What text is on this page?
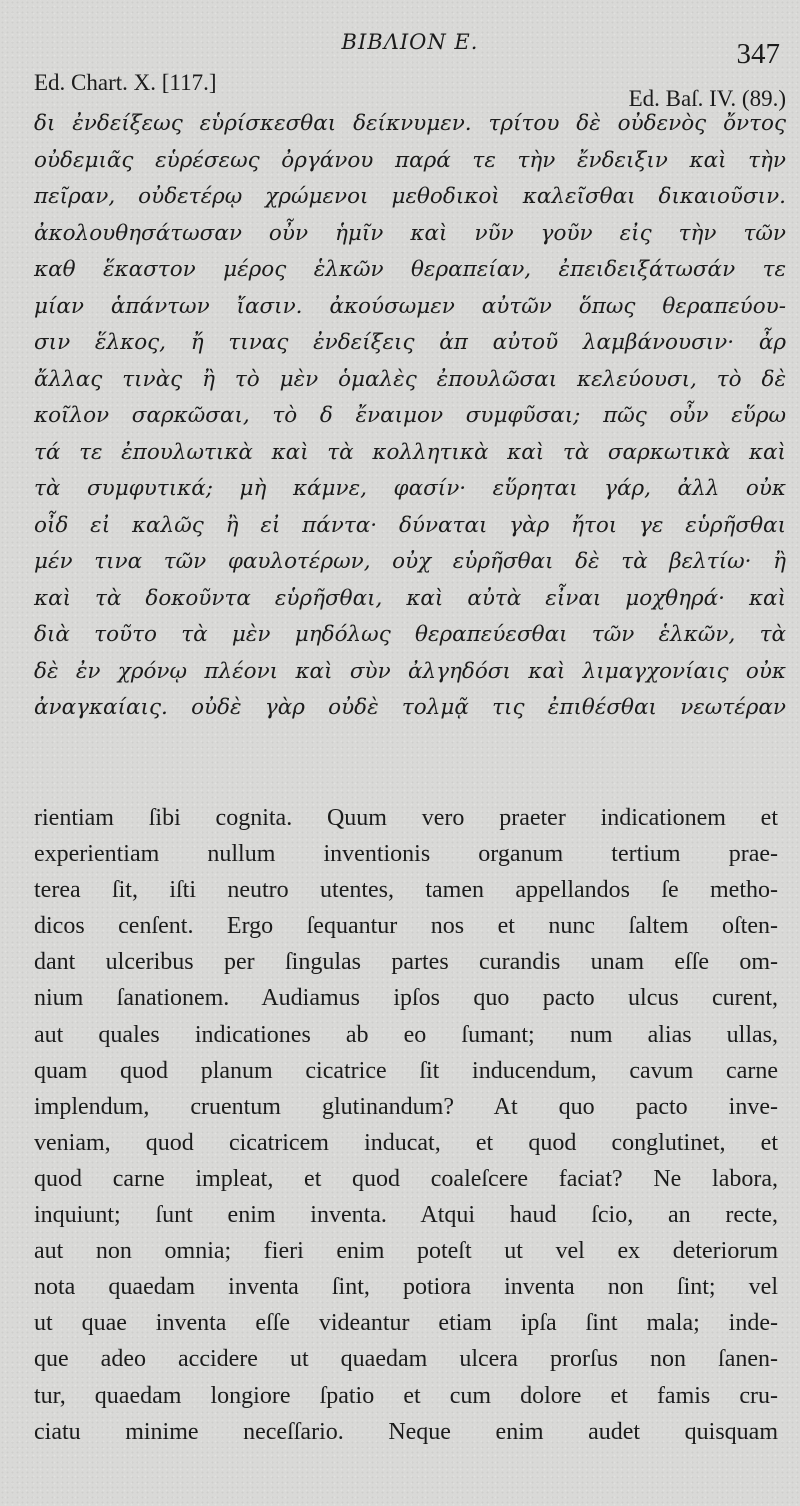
BIBΛΙΟΝ E.	347
Ed. Chart. X. [117.]
Ed. Baſ. IV. (89.)
δι ἐνδείξεως εὑρίσκεσθαι δείκνυμεν. τρίτου δὲ οὐδενὸς ὄντος
οὐδεμιᾶς εὑρέσεως ὀργάνου παρά τε τὴν ἔνδειξιν καὶ τὴν
πεῖραν, οὐδετέρῳ χρώμενοι μεθοδικοὶ καλεῖσθαι δικαιοῦσιν.
ἀκολουθησάτωσαν οὖν ἡμῖν καὶ νῦν γοῦν εἰς τὴν τῶν
καθ ἕκαστον μέρος ἑλκῶν θεραπείαν, ἐπειδειξάτωσάν τε
μίαν ἁπάντων ἴασιν. ἀκούσωμεν αὐτῶν ὅπως θεραπεύου-
σιν ἕλκος, ἤ τινας ἐνδείξεις ἀπ αὐτοῦ λαμβάνουσιν· ἆρ
ἄλλας τινὰς ἢ τὸ μὲν ὁμαλὲς ἐπουλῶσαι κελεύουσι, τὸ δὲ
κοῖλον σαρκῶσαι, τὸ δ ἔναιμον συμφῦσαι; πῶς οὖν εὕρω
τά τε ἐπουλωτικὰ καὶ τὰ κολλητικὰ καὶ τὰ σαρκωτικὰ καὶ
τὰ συμφυτικά; μὴ κάμνε, φασίν· εὕρηται γάρ, ἀλλ οὐκ
οἶδ εἰ καλῶς ἢ εἰ πάντα· δύναται γὰρ ἤτοι γε εὑρῆσθαι
μέν τινα τῶν φαυλοτέρων, οὐχ εὑρῆσθαι δὲ τὰ βελτίω· ἢ
καὶ τὰ δοκοῦντα εὑρῆσθαι, καὶ αὐτὰ εἶναι μοχθηρά· καὶ
διὰ τοῦτο τὰ μὲν μηδόλως θεραπεύεσθαι τῶν ἑλκῶν, τὰ
δὲ ἐν χρόνῳ πλέονι καὶ σὺν ἀλγηδόσι καὶ λιμαγχονίαις οὐκ
ἀναγκαίαις. οὐδὲ γὰρ οὐδὲ τολμᾷ τις ἐπιθέσθαι νεωτέραν
rientiam ſibi cognita. Quum vero praeter indicationem et
experientiam nullum inventionis organum tertium prae-
terea ſit, iſti neutro utentes, tamen appellandos ſe metho-
dicos cenſent. Ergo ſequantur nos et nunc ſaltem oſten-
dant ulceribus per ſingulas partes curandis unam eſſe om-
nium ſanationem. Audiamus ipſos quo pacto ulcus curent,
aut quales indicationes ab eo ſumant; num alias ullas,
quam quod planum cicatrice ſit inducendum, cavum carne
implendum, cruentum glutinandum? At quo pacto inve-
veniam, quod cicatricem inducat, et quod conglutinet, et
quod carne impleat, et quod coaleſcere faciat? Ne labora,
inquiunt; ſunt enim inventa. Atqui haud ſcio, an recte,
aut non omnia; fieri enim poteſt ut vel ex deteriorum
nota quaedam inventa ſint, potiora inventa non ſint; vel
ut quae inventa eſſe videantur etiam ipſa ſint mala; inde-
que adeo accidere ut quaedam ulcera prorſus non ſanen-
tur, quaedam longiore ſpatio et cum dolore et famis cru-
ciatu minime neceſſario. Neque enim audet quisquam
